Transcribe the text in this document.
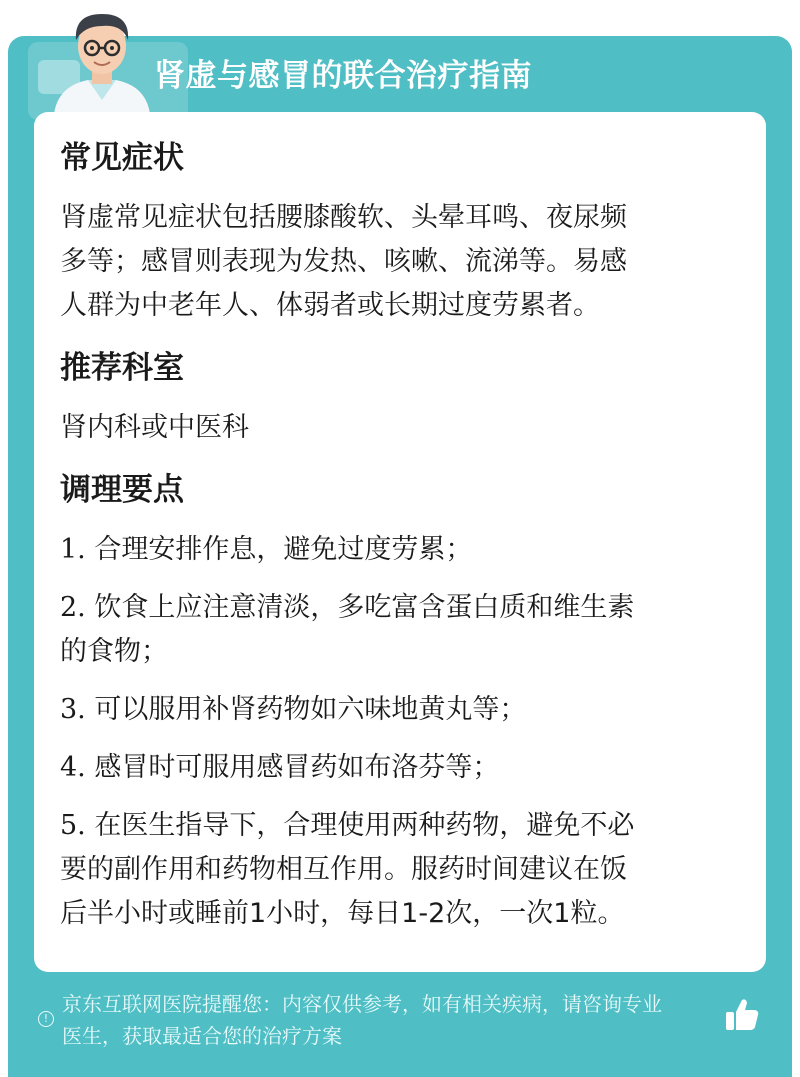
肾虚与感冒的联合治疗指南
常见症状

肾虚常见症状包括腰膝酸软、头晕耳鸣、夜尿频

多等；感冒则表现为发热、咳嗽、流涕等。易感

人群为中老年人、体弱者或长期过度劳累者。

推荐科室

肾内科或中医科

调理要点

1. 合理安排作息，避免过度劳累；

2. 饮食上应注意清淡，多吃富含蛋白质和维生素

的食物；

3. 可以服用补肾药物如六味地黄丸等；

4. 感冒时可服用感冒药如布洛芬等；

5. 在医生指导下，合理使用两种药物，避免不必

要的副作用和药物相互作用。服药时间建议在饭

后半小时或睡前1小时，每日1-2次，一次1粒。

!
京东互联网医院提醒您：内容仅供参考，如有相关疾病，请咨询专业
医生，获取最适合您的治疗方案
